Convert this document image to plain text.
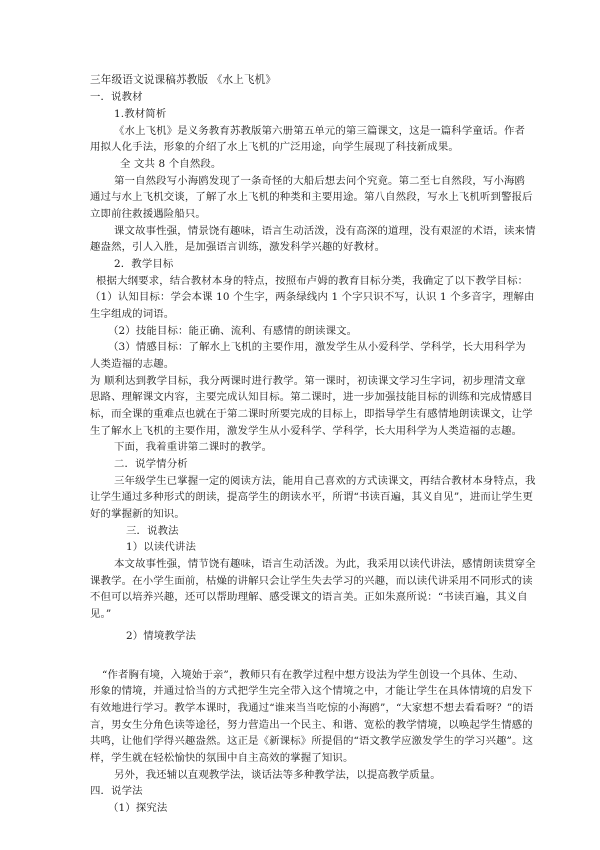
三年级语文说课稿苏教版 《水上飞机》
一．说教材
1.教材简析
《水上飞机》是义务教育苏教版第六册第五单元的第三篇课文，这是一篇科学童话。作者
用拟人化手法，形象的介绍了水上飞机的广泛用途，向学生展现了科技新成果。
全 文共 8 个自然段。
第一自然段写小海鸥发现了一条奇怪的大船后想去问个究竟。第二至七自然段，写小海鸥
通过与水上飞机交谈，了解了水上飞机的种类和主要用途。第八自然段，写水上飞机听到警报后
立即前往救援遇险船只。
课文故事性强，情景饶有趣味，语言生动活泼，没有高深的道理，没有艰涩的术语，读来情
趣盎然，引人入胜，是加强语言训练，激发科学兴趣的好教材。
2．教学目标
根据大纲要求，结合教材本身的特点，按照布卢姆的教育目标分类，我确定了以下教学目标：
（1）认知目标：学会本课 10 个生字，两条绿线内 1 个字只识不写，认识 1 个多音字，理解由
生字组成的词语。
（2）技能目标：能正确、流利、有感情的朗读课文。
（3）情感目标：了解水上飞机的主要作用，激发学生从小爱科学、学科学，长大用科学为
人类造福的志趣。
为 顺利达到教学目标，我分两课时进行教学。第一课时，初读课文学习生字词，初步理清文章
思路、理解课文内容，主要完成认知目标。第二课时，进一步加强技能目标的训练和完成情感目
标，而全课的重难点也就在于第二课时所要完成的目标上，即指导学生有感情地朗读课文，让学
生了解水上飞机的主要作用，激发学生从小爱科学、学科学，长大用科学为人类造福的志趣。
下面，我着重讲第二课时的教学。
二．说学情分析
三年级学生已掌握一定的阅读方法，能用自己喜欢的方式读课文，再结合教材本身特点，我
让学生通过多种形式的朗读，提高学生的朗读水平，所谓“书读百遍，其义自见”，进而让学生更
好的掌握新的知识。
三．说教法
1）以读代讲法
本文故事性强，情节饶有趣味，语言生动活泼。为此，我采用以读代讲法，感情朗读贯穿全
课教学。在小学生面前，枯燥的讲解只会让学生失去学习的兴趣，而以读代讲采用不同形式的读
不但可以培养兴趣，还可以帮助理解、感受课文的语言美。正如朱熹所说：“书读百遍，其义自
见。”
2）情境教学法
“作者胸有境，入境始于亲”，教师只有在教学过程中想方设法为学生创设一个具体、生动、
形象的情境，并通过恰当的方式把学生完全带入这个情境之中，才能让学生在具体情境的启发下
有效地进行学习。教学本课时，我通过“谁来当当吃惊的小海鸥”，“大家想不想去看看呀？”的语
言，男女生分角色读等途径，努力营造出一个民主、和谐、宽松的教学情境，以唤起学生情感的
共鸣，让他们学得兴趣盎然。这正是《新课标》所提倡的“语文教学应激发学生的学习兴趣”。这
样，学生就在轻松愉快的氛围中自主高效的掌握了知识。
另外，我还辅以直观教学法，谈话法等多种教学法，以提高教学质量。
四．说学法
（1）探究法
